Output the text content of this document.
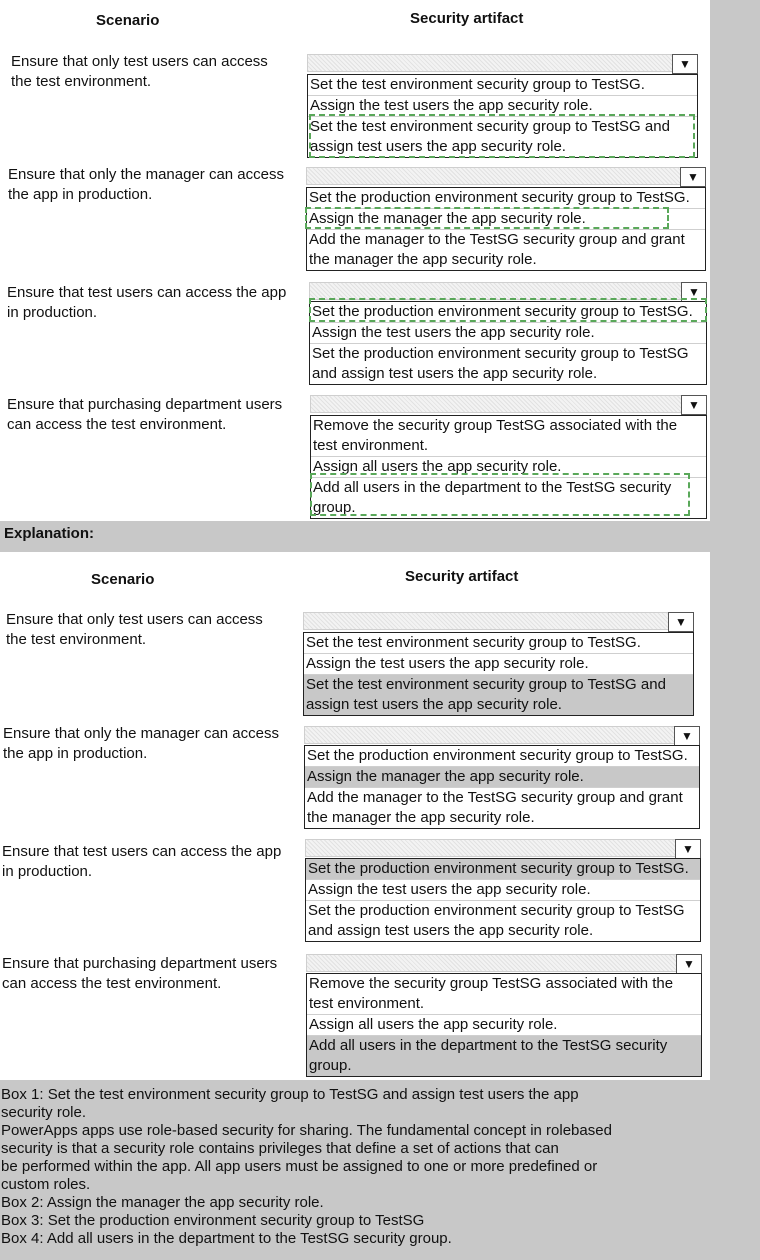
Scenario	Security artifact
Ensure that only test users can access the test environment.
▼
Set the test environment security group to TestSG.
Assign the test users the app security role.
Set the test environment security group to TestSG and assign test users the app security role.
Ensure that only the manager can access the app in production.
▼
Set the production environment security group to TestSG.
Assign the manager the app security role.
Add the manager to the TestSG security group and grant the manager the app security role.
Ensure that test users can access the app in production.
▼
Set the production environment security group to TestSG.
Assign the test users the app security role.
Set the production environment security group to TestSG and assign test users the app security role.
Ensure that purchasing department users can access the test environment.
▼
Remove the security group TestSG associated with the test environment.
Assign all users the app security role.
Add all users in the department to the TestSG security group.
Explanation:
Scenario	Security artifact
Ensure that only test users can access the test environment.
▼
Set the test environment security group to TestSG.
Assign the test users the app security role.
Set the test environment security group to TestSG and assign test users the app security role.
Ensure that only the manager can access the app in production.
▼
Set the production environment security group to TestSG.
Assign the manager the app security role.
Add the manager to the TestSG security group and grant the manager the app security role.
Ensure that test users can access the app in production.
▼
Set the production environment security group to TestSG.
Assign the test users the app security role.
Set the production environment security group to TestSG and assign test users the app security role.
Ensure that purchasing department users can access the test environment.
▼
Remove the security group TestSG associated with the test environment.
Assign all users the app security role.
Add all users in the department to the TestSG security group.
Box 1: Set the test environment security group to TestSG and assign test users the app
security role.
PowerApps apps use role-based security for sharing. The fundamental concept in rolebased
security is that a security role contains privileges that define a set of actions that can
be performed within the app. All app users must be assigned to one or more predefined or
custom roles.
Box 2: Assign the manager the app security role.
Box 3: Set the production environment security group to TestSG
Box 4: Add all users in the department to the TestSG security group.
